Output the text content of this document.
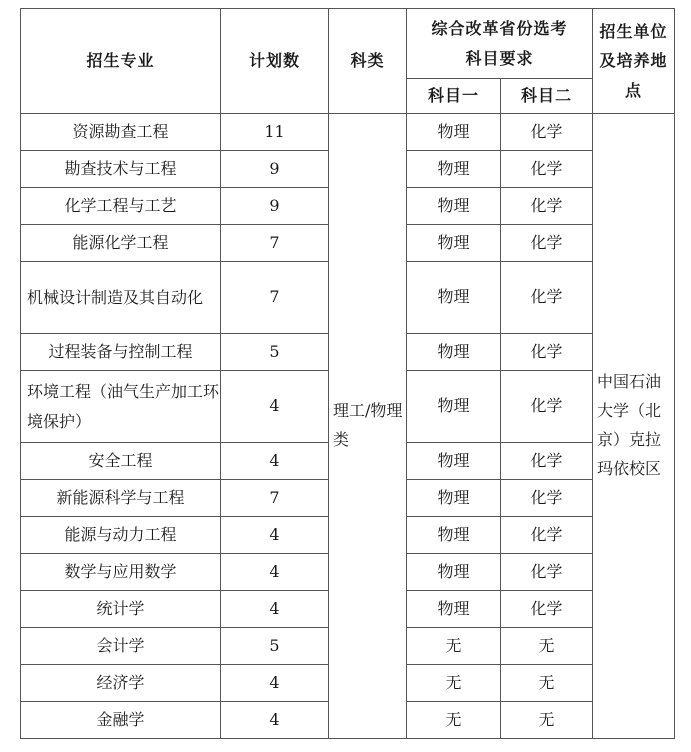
招生专业	计划数	科类	综合改革省份选考科目要求		招生单位及培养地点
			科目一	科目二	
资源勘查工程	11	理工/物理类	物理	化学	中国石油大学（北京）克拉玛依校区
勘查技术与工程	9		物理	化学	
化学工程与工艺	9		物理	化学	
能源化学工程	7		物理	化学	
机械设计制造及其自动化	7		物理	化学	
过程装备与控制工程	5		物理	化学	
环境工程（油气生产加工环境保护）	4		物理	化学	
安全工程	4		物理	化学	
新能源科学与工程	7		物理	化学	
能源与动力工程	4		物理	化学	
数学与应用数学	4		物理	化学	
统计学	4		物理	化学	
会计学	5		无	无	
经济学	4		无	无	
金融学	4		无	无	
